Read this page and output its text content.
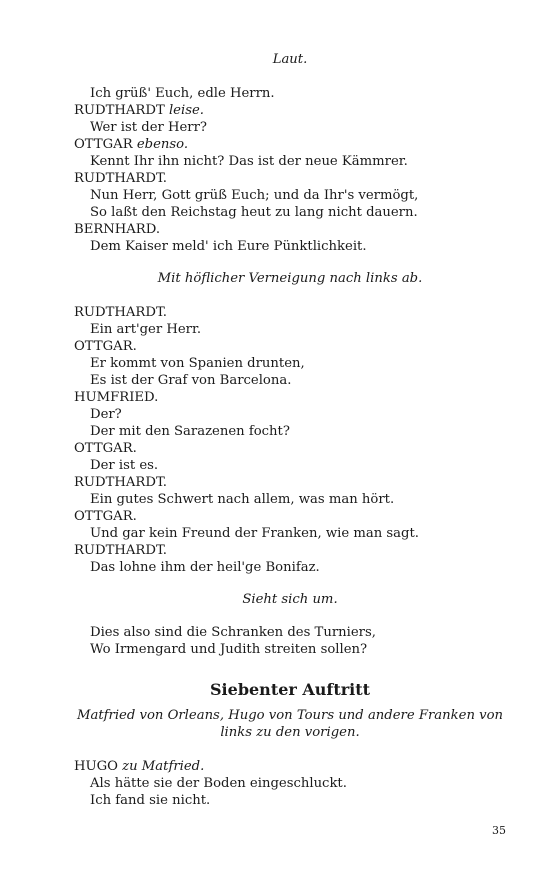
Laut.
Ich grüß' Euch, edle Herrn.
RUDTHARDT leise.
Wer ist der Herr?
OTTGAR ebenso.
Kennt Ihr ihn nicht? Das ist der neue Kämmrer.
RUDTHARDT.
Nun Herr, Gott grüß Euch; und da Ihr's vermögt,
So laßt den Reichstag heut zu lang nicht dauern.
BERNHARD.
Dem Kaiser meld' ich Eure Pünktlichkeit.
Mit höflicher Verneigung nach links ab.
RUDTHARDT.
Ein art'ger Herr.
OTTGAR.
Er kommt von Spanien drunten,
Es ist der Graf von Barcelona.
HUMFRIED.
Der?
Der mit den Sarazenen focht?
OTTGAR.
Der ist es.
RUDTHARDT.
Ein gutes Schwert nach allem, was man hört.
OTTGAR.
Und gar kein Freund der Franken, wie man sagt.
RUDTHARDT.
Das lohne ihm der heil'ge Bonifaz.
Sieht sich um.
Dies also sind die Schranken des Turniers,
Wo Irmengard und Judith streiten sollen?
Siebenter Auftritt
Matfried von Orleans, Hugo von Tours und andere Franken von links zu den vorigen.
HUGO zu Matfried.
Als hätte sie der Boden eingeschluckt.
Ich fand sie nicht.
35
